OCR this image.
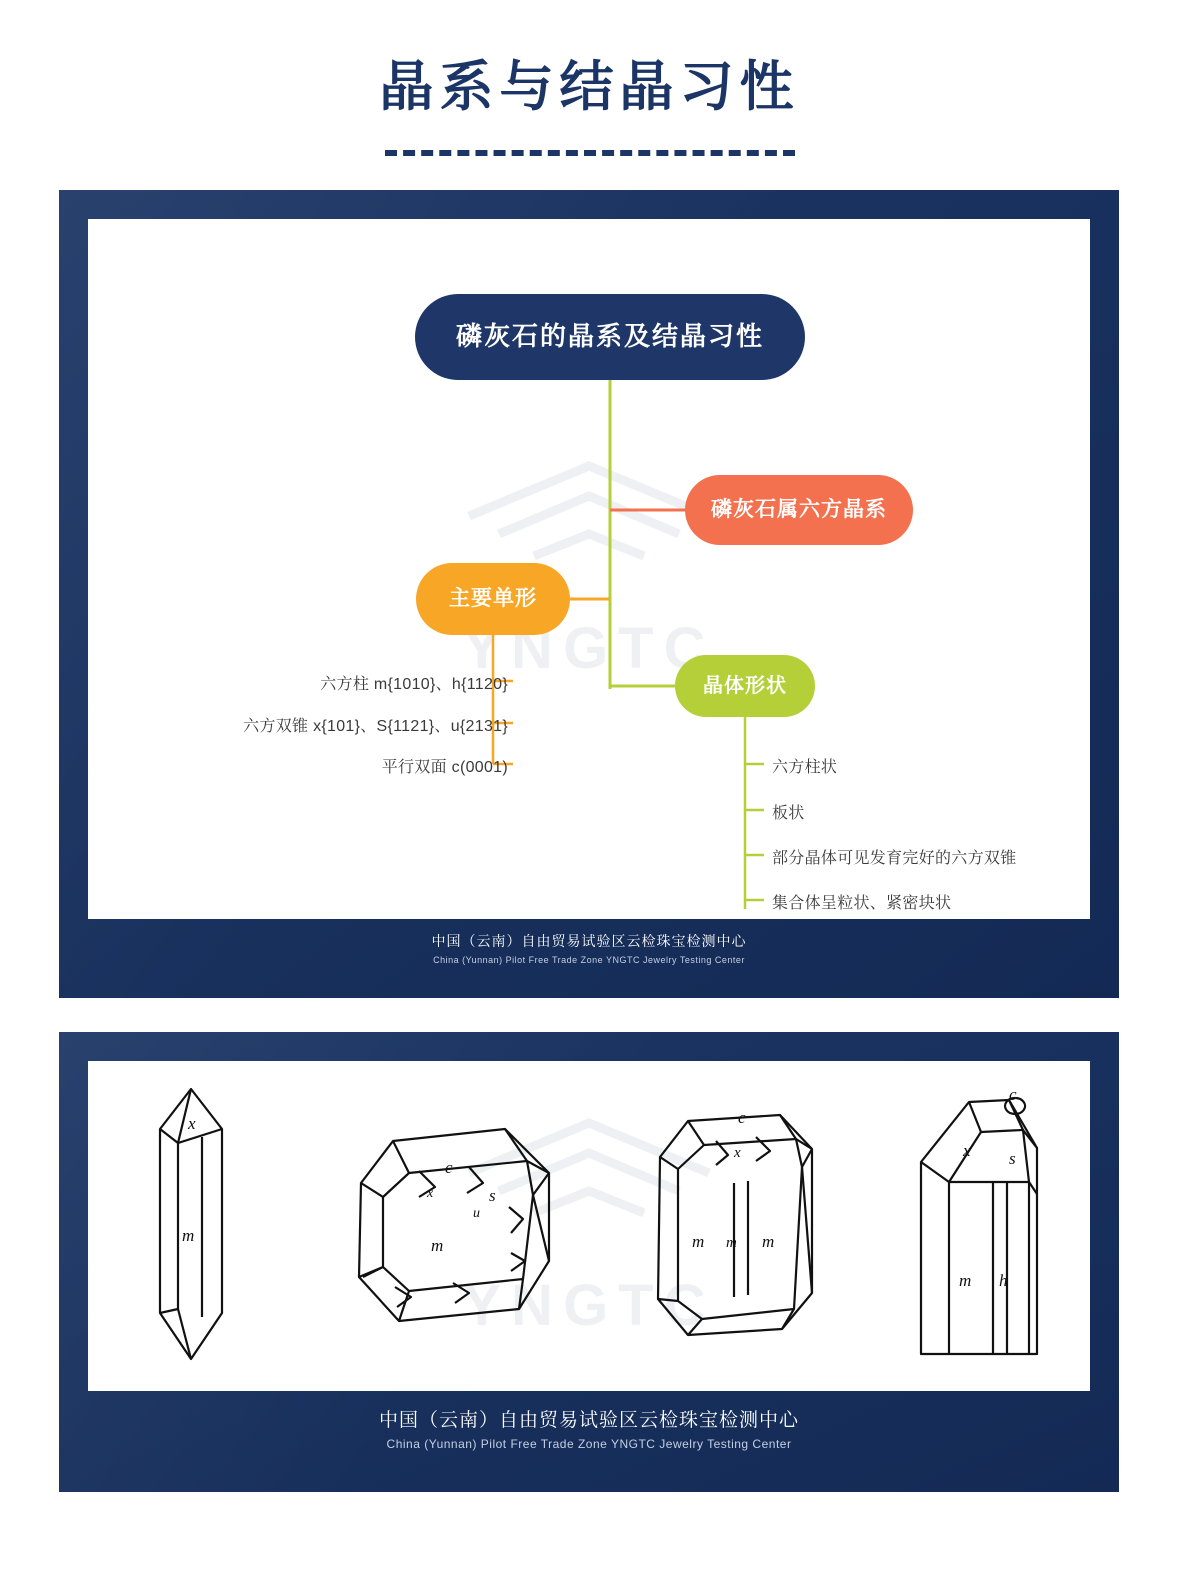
晶系与结晶习性
YNGTC
磷灰石的晶系及结晶习性
磷灰石属六方晶系
主要单形
晶体形状
六方柱 m{1010}、h{1120}
六方双锥 x{101}、S{1121}、u{2131}
平行双面 c(0001)	六方柱状
板状
部分晶体可见发育完好的六方双锥
集合体呈粒状、紧密块状
中国（云南）自由贸易试验区云检珠宝检测中心
China (Yunnan) Pilot Free Trade Zone YNGTC Jewelry Testing Center
YNGTC
x
m
c
x	s
u
m
c
x
m	m
m
c
x s
m h
中国（云南）自由贸易试验区云检珠宝检测中心
China (Yunnan) Pilot Free Trade Zone YNGTC Jewelry Testing Center
